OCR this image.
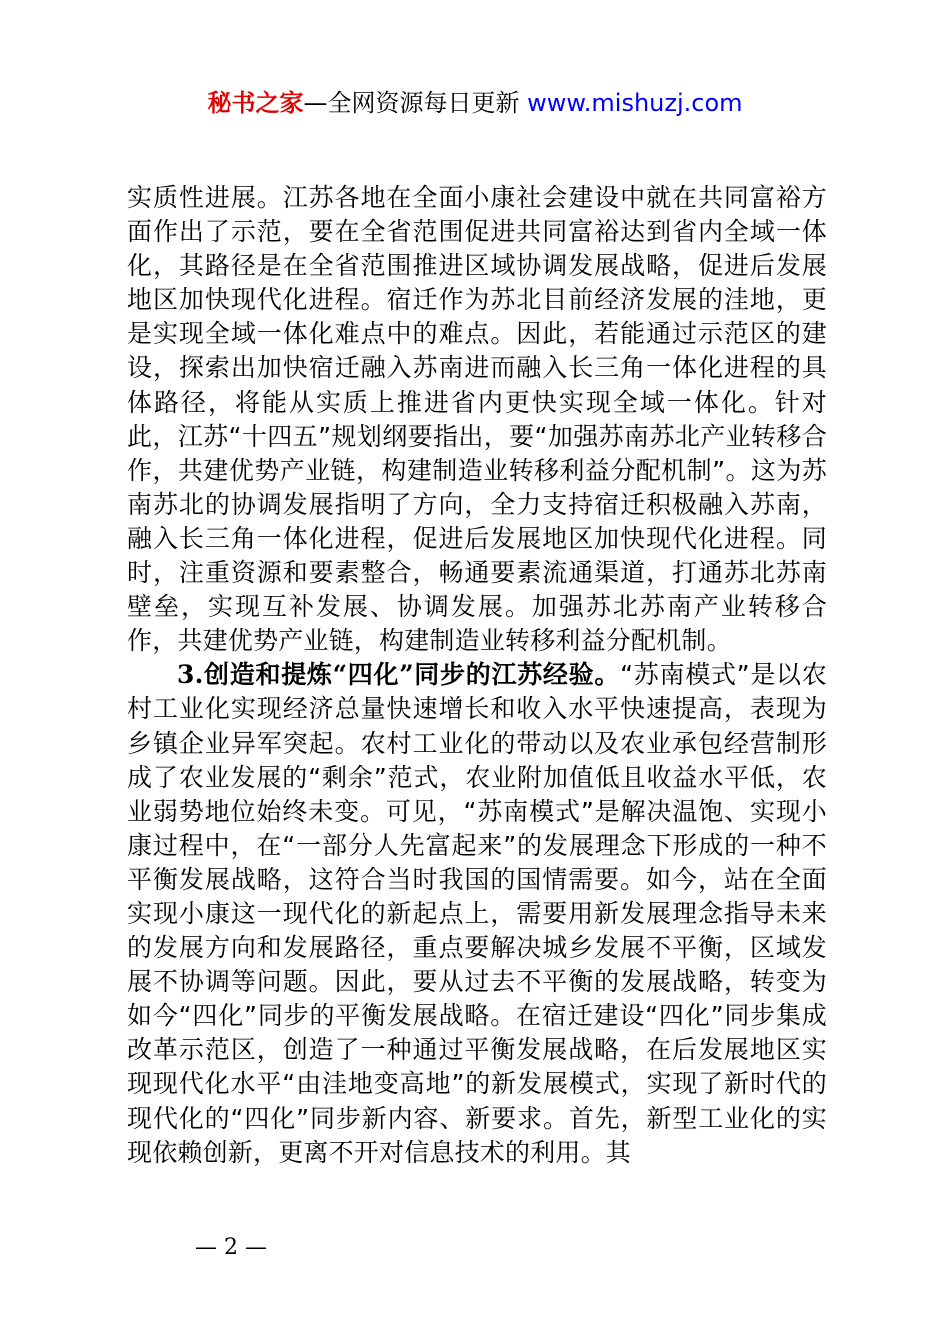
秘书之家—全网资源每日更新 www.mishuzj.com

实质性进展。江苏各地在全面小康社会建设中就在共同富裕方面作出了示范，要在全省范围促进共同富裕达到省内全域一体化，其路径是在全省范围推进区域协调发展战略，促进后发展地区加快现代化进程。宿迁作为苏北目前经济发展的洼地，更是实现全域一体化难点中的难点。因此，若能通过示范区的建设，探索出加快宿迁融入苏南进而融入长三角一体化进程的具体路径，将能从实质上推进省内更快实现全域一体化。针对此，江苏“十四五”规划纲要指出，要“加强苏南苏北产业转移合作，共建优势产业链，构建制造业转移利益分配机制”。这为苏南苏北的协调发展指明了方向，全力支持宿迁积极融入苏南，融入长三角一体化进程，促进后发展地区加快现代化进程。同时，注重资源和要素整合，畅通要素流通渠道，打通苏北苏南壁垒，实现互补发展、协调发展。加强苏北苏南产业转移合作，共建优势产业链，构建制造业转移利益分配机制。

3.创造和提炼“四化”同步的江苏经验。“苏南模式”是以农村工业化实现经济总量快速增长和收入水平快速提高，表现为乡镇企业异军突起。农村工业化的带动以及农业承包经营制形成了农业发展的“剩余”范式，农业附加值低且收益水平低，农业弱势地位始终未变。可见，“苏南模式”是解决温饱、实现小康过程中，在“一部分人先富起来”的发展理念下形成的一种不平衡发展战略，这符合当时我国的国情需要。如今，站在全面实现小康这一现代化的新起点上，需要用新发展理念指导未来的发展方向和发展路径，重点要解决城乡发展不平衡，区域发展不协调等问题。因此，要从过去不平衡的发展战略，转变为如今“四化”同步的平衡发展战略。在宿迁建设“四化”同步集成改革示范区，创造了一种通过平衡发展战略，在后发展地区实现现代化水平“由洼地变高地”的新发展模式，实现了新时代的现代化的“四化”同步新内容、新要求。首先，新型工业化的实现依赖创新，更离不开对信息技术的利用。其

— 2 —
